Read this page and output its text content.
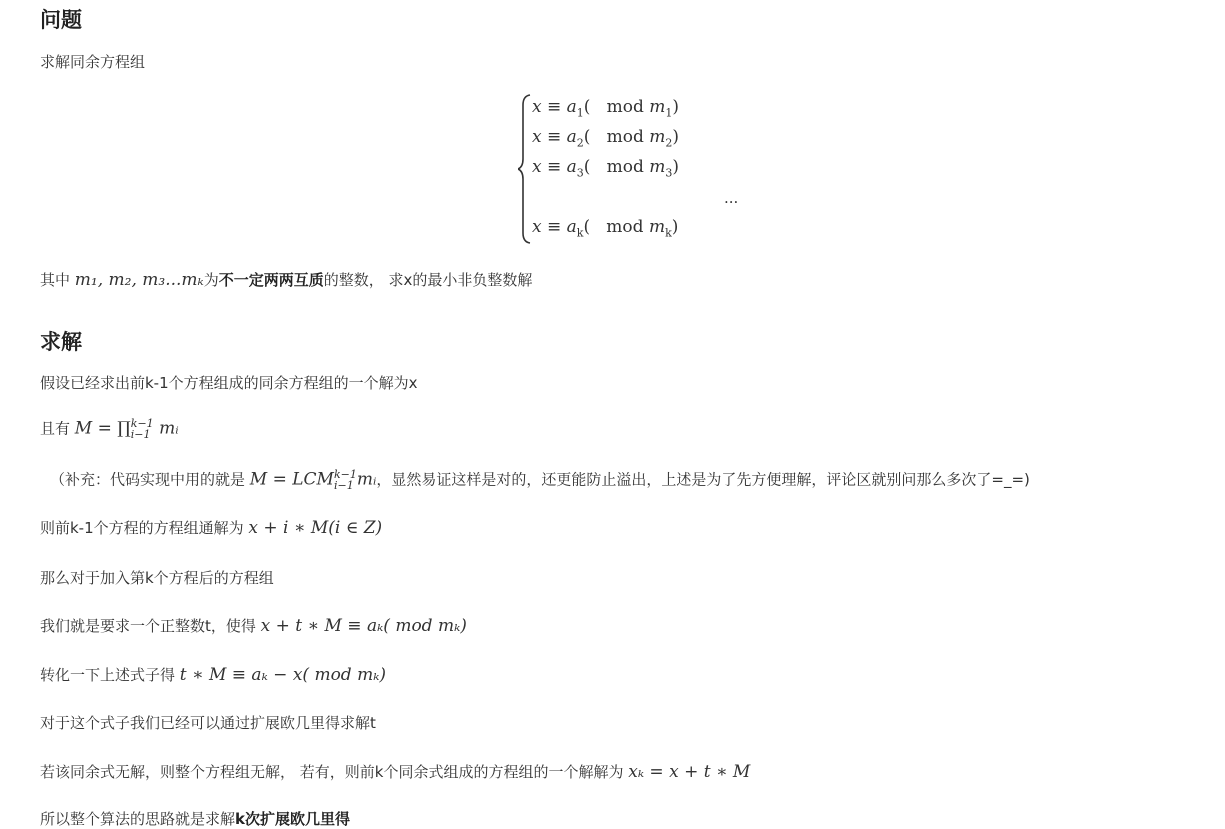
问题
求解同余方程组
$x \equiv a_1$(   mod $m_1$)
$x \equiv a_2$(   mod $m_2$)
$x \equiv a_3$(   mod $m_3$)
...
$x \equiv a_k$(   mod $m_k$)
其中 m₁, m₂, m₃...mₖ为不一定两两互质的整数， 求x的最小非负整数解
求解
假设已经求出前k-1个方程组成的同余方程组的一个解为x
且有 M = ∏ k−1
i−1 mᵢ
（补充：代码实现中用的就是 M = LCM k−1
i−1 mᵢ，显然易证这样是对的，还更能防止溢出，上述是为了先方便理解，评论区就别问那么多次了=_=)
则前k-1个方程的方程组通解为 x + i ∗ M(i ∈ Z)
那么对于加入第k个方程后的方程组
我们就是要求一个正整数t，使得 x + t ∗ M ≡ aₖ( mod mₖ)
转化一下上述式子得 t ∗ M ≡ aₖ − x( mod mₖ)
对于这个式子我们已经可以通过扩展欧几里得求解t
若该同余式无解，则整个方程组无解， 若有，则前k个同余式组成的方程组的一个解解为 xₖ = x + t ∗ M
所以整个算法的思路就是求解k次扩展欧几里得
